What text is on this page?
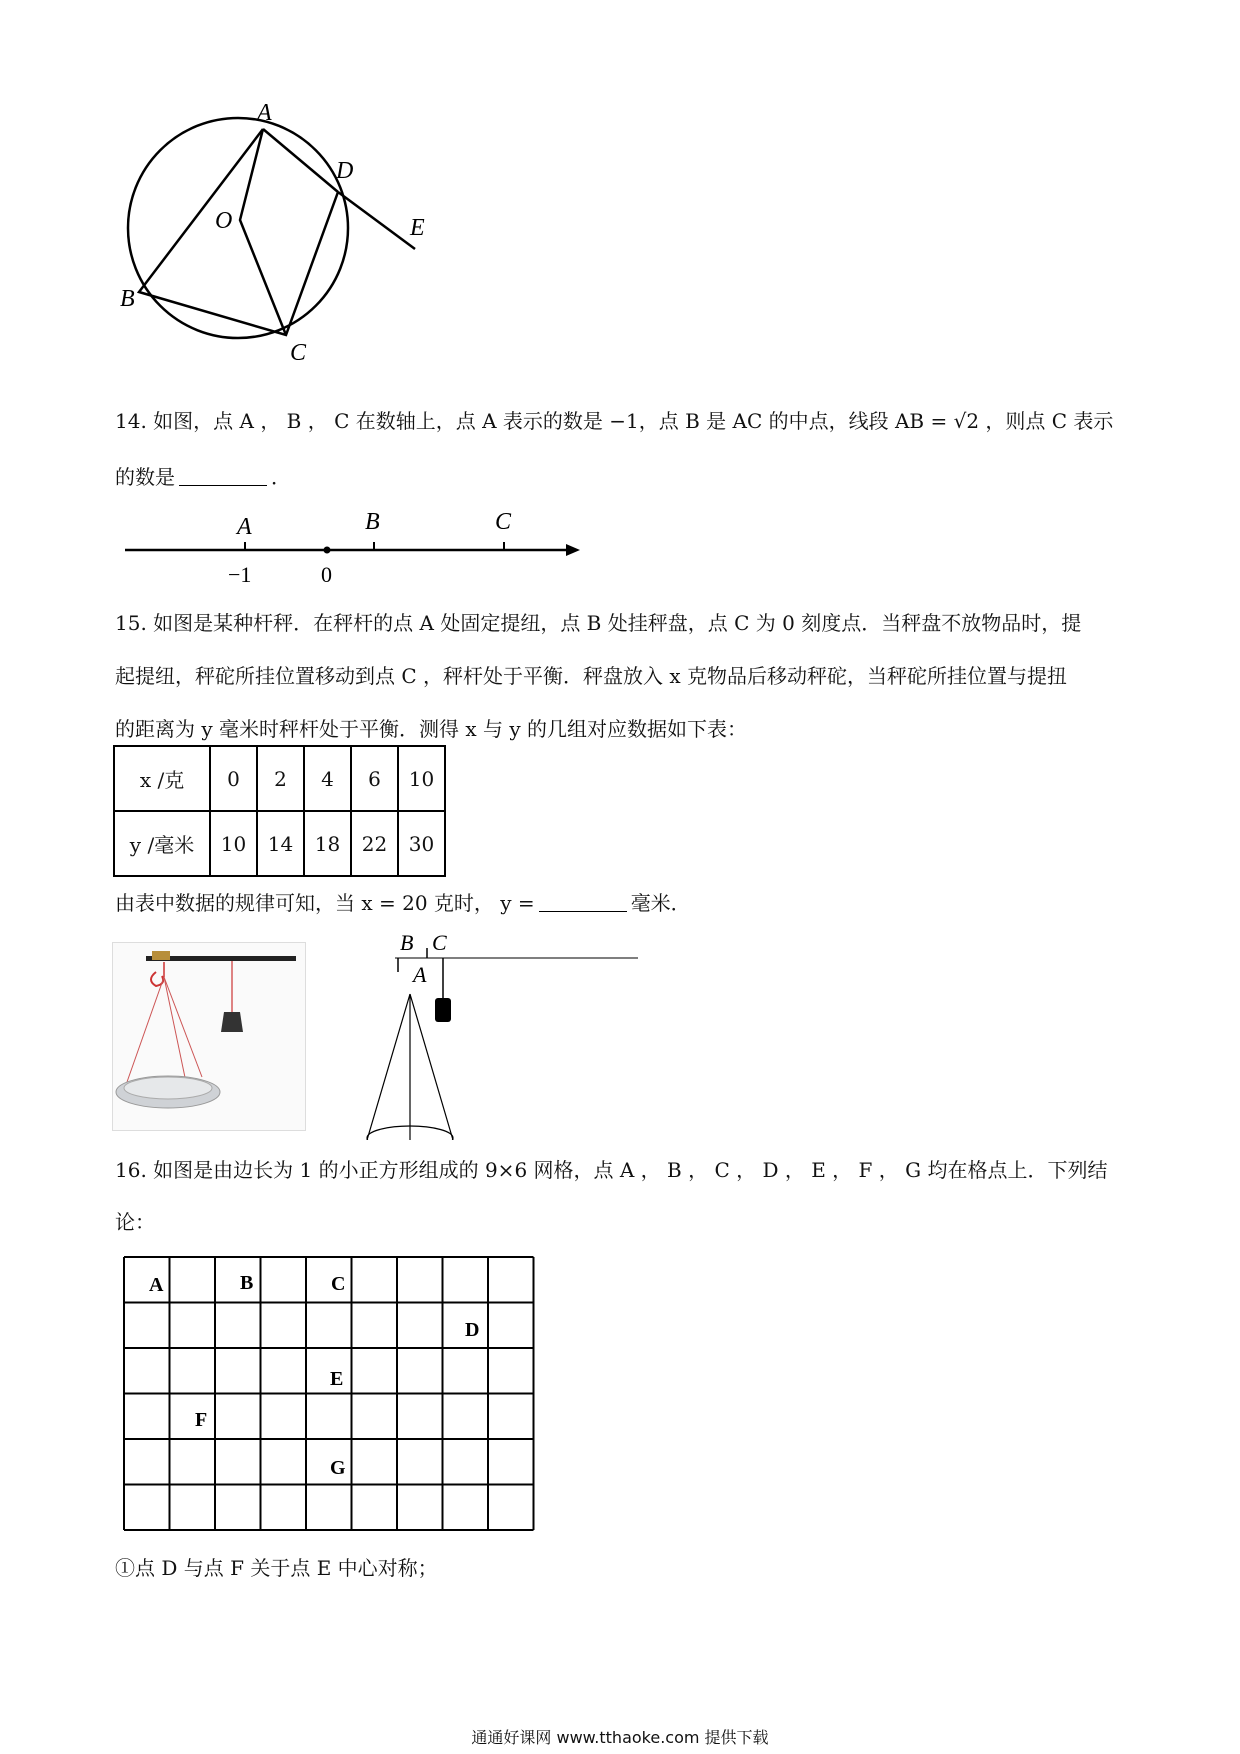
A
D
E
O
B
C
14. 如图，点 A ， B ， C 在数轴上，点 A 表示的数是 −1，点 B 是 AC 的中点，线段 AB = √2 ，则点 C 表示
的数是	．
A	B	C
−1	0
15. 如图是某种杆秤．在秤杆的点 A 处固定提纽，点 B 处挂秤盘，点 C 为 0 刻度点．当秤盘不放物品时，提
起提纽，秤砣所挂位置移动到点 C ，秤杆处于平衡．秤盘放入 x 克物品后移动秤砣，当秤砣所挂位置与提扭
的距离为 y 毫米时秤杆处于平衡．测得 x 与 y 的几组对应数据如下表：
x /克	0	2	4	6	10
y /毫米	10	14	18	22	30
由表中数据的规律可知，当 x = 20 克时， y =	毫米．
B C
A
16. 如图是由边长为 1 的小正方形组成的 9×6 网格，点 A ， B ， C ， D ， E ， F ， G 均在格点上．下列结
论：
A	B	C
D
E
F
G
①点 D 与点 F 关于点 E 中心对称；
通通好课网 www.tthaoke.com 提供下载
